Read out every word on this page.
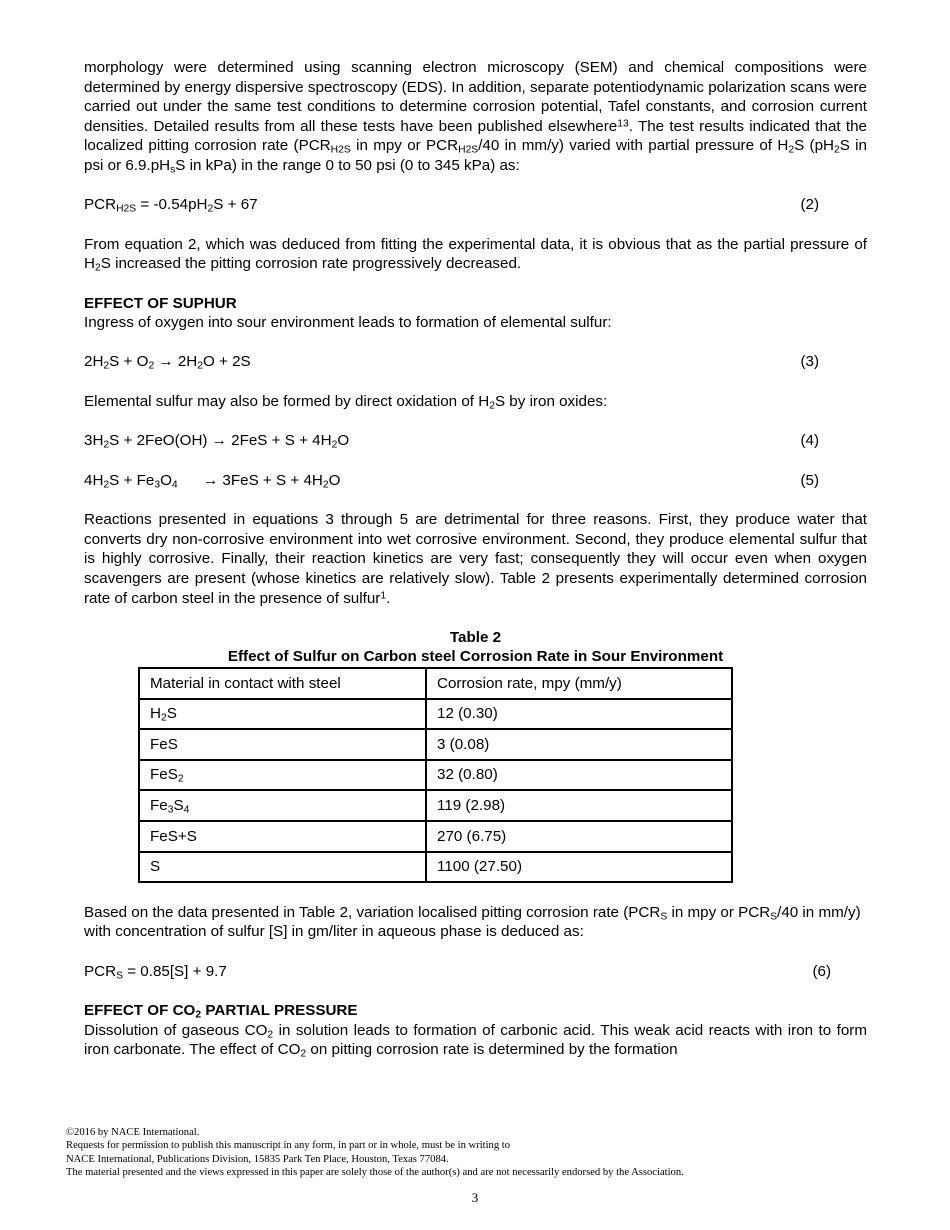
morphology were determined using scanning electron microscopy (SEM) and chemical compositions were determined by energy dispersive spectroscopy (EDS). In addition, separate potentiodynamic polarization scans were carried out under the same test conditions to determine corrosion potential, Tafel constants, and corrosion current densities. Detailed results from all these tests have been published elsewhere$^{13}$. The test results indicated that the localized pitting corrosion rate ($PCR_{H2S}$ in mpy or $PCR_{H2S}/40$ in mm/y) varied with partial pressure of $H_2S$ ($pH_2S$ in psi or $6.9.pH_sS$ in kPa) in the range 0 to 50 psi (0 to 345 kPa) as:

$PCR_{H2S} = -0.54pH_2S + 67$	(2)

From equation 2, which was deduced from fitting the experimental data, it is obvious that as the partial pressure of $H_2S$ increased the pitting corrosion rate progressively decreased.

EFFECT OF SUPHUR

Ingress of oxygen into sour environment leads to formation of elemental sulfur:

$2H_2S + O_2 \to 2H_2O + 2S$	(3)

Elemental sulfur may also be formed by direct oxidation of $H_2S$ by iron oxides:

$3H_2S + 2FeO(OH) \to 2FeS + S + 4H_2O$	(4)
$4H_2S + Fe_3O_4$      → $3FeS + S + 4H_2O$	(5)

Reactions presented in equations 3 through 5 are detrimental for three reasons. First, they produce water that converts dry non-corrosive environment into wet corrosive environment. Second, they produce elemental sulfur that is highly corrosive. Finally, their reaction kinetics are very fast; consequently they will occur even when oxygen scavengers are present (whose kinetics are relatively slow). Table 2 presents experimentally determined corrosion rate of carbon steel in the presence of sulfur$^1$.

Table 2

Effect of Sulfur on Carbon steel Corrosion Rate in Sour Environment

Material in contact with steel	Corrosion rate, mpy (mm/y)
$H_2S$	12 (0.30)
FeS	3 (0.08)
FeS$_2$	32 (0.80)
$Fe_3S_4$	119 (2.98)
FeS+S	270 (6.75)
S	1100 (27.50)

Based on the data presented in Table 2, variation localised pitting corrosion rate ($PCR_S$ in mpy or $PCR_S/40$ in mm/y) with concentration of sulfur [S] in gm/liter in aqueous phase is deduced as:

$PCR_S = 0.85[S] + 9.7$	(6)

EFFECT OF $CO_2$ PARTIAL PRESSURE

Dissolution of gaseous $CO_2$ in solution leads to formation of carbonic acid. This weak acid reacts with iron to form iron carbonate. The effect of $CO_2$ on pitting corrosion rate is determined by the formation

©2016 by NACE International.
Requests for permission to publish this manuscript in any form, in part or in whole, must be in writing to
NACE International, Publications Division, 15835 Park Ten Place, Houston, Texas 77084.
The material presented and the views expressed in this paper are solely those of the author(s) and are not necessarily endorsed by the Association.
3
